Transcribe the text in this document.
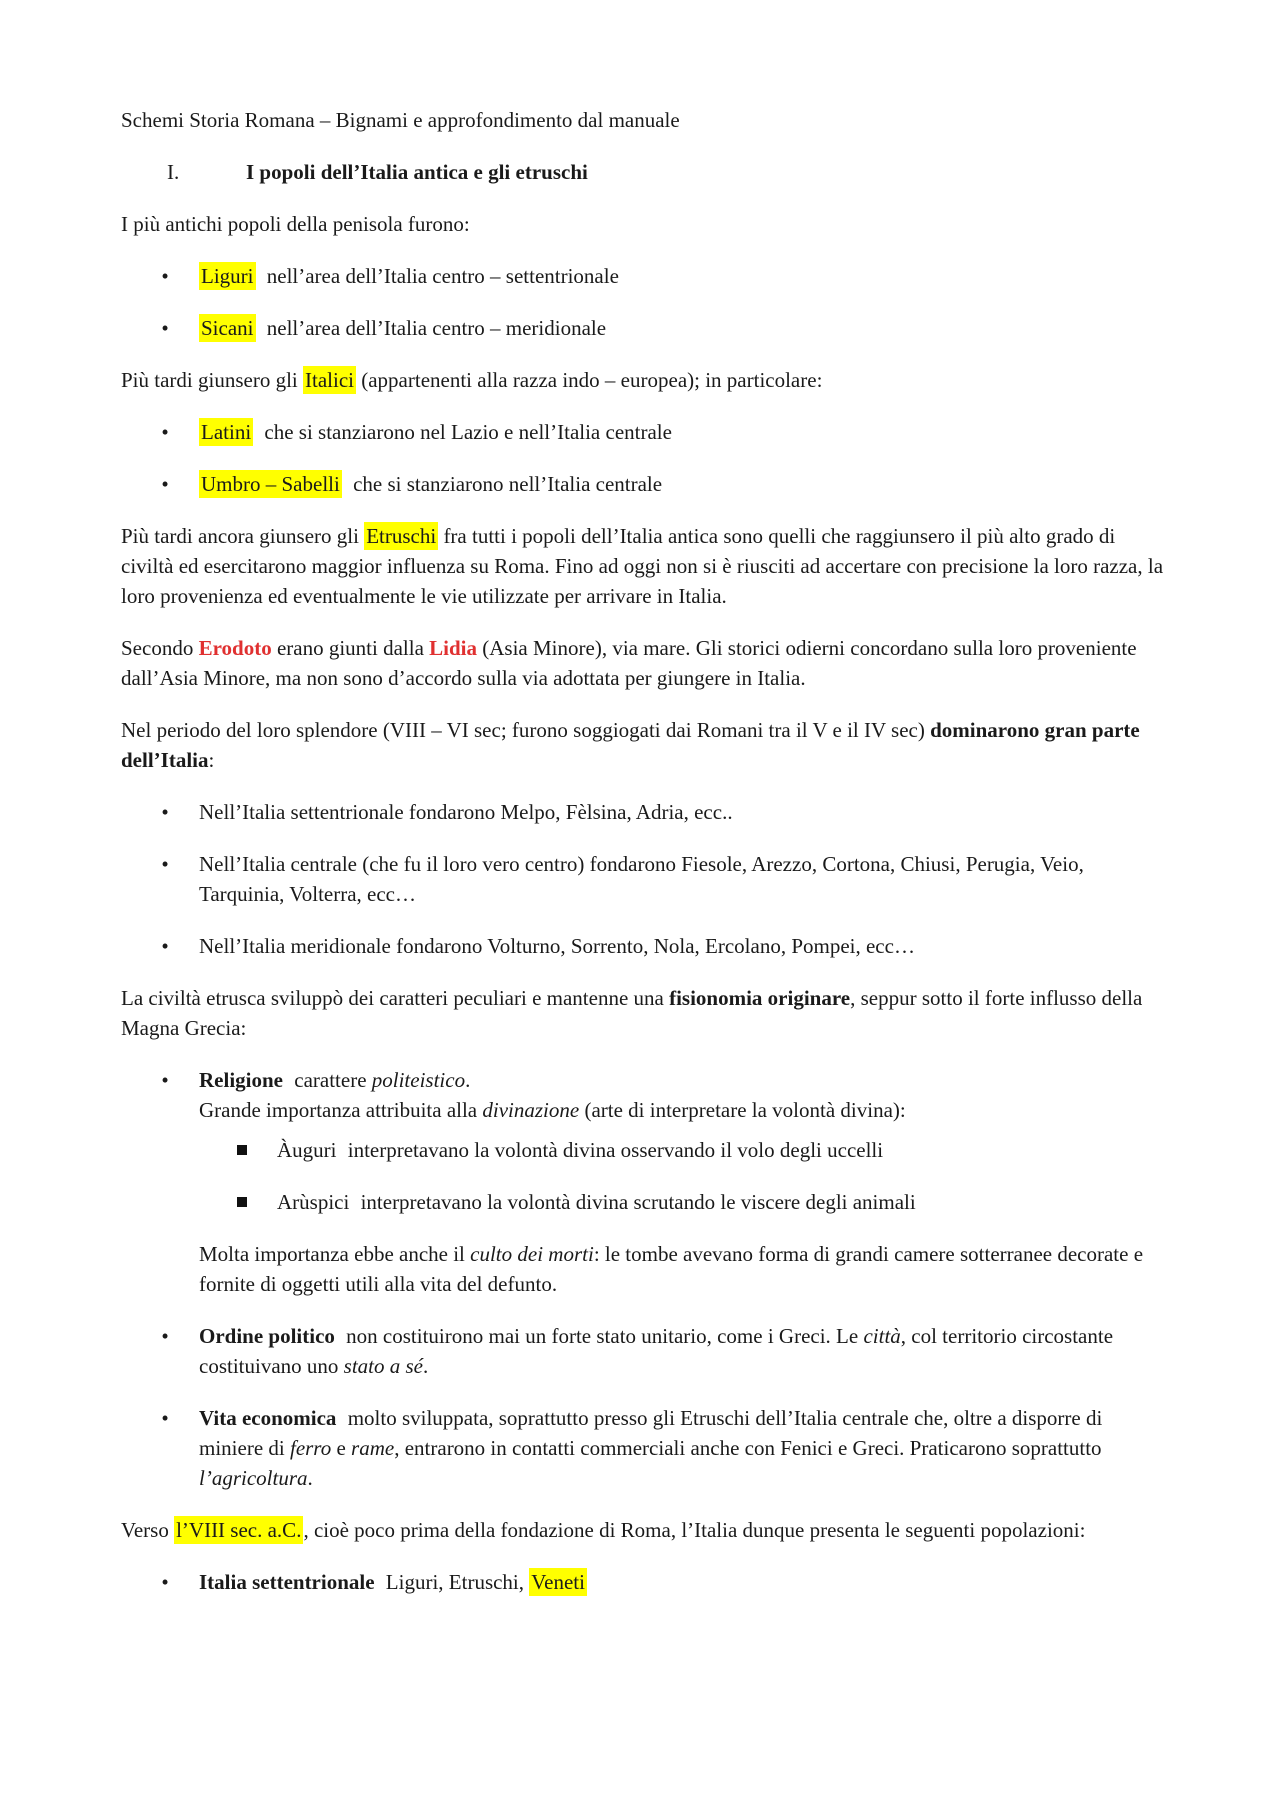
Schemi Storia Romana – Bignami e approfondimento dal manuale

I.	I popoli dell’Italia antica e gli etruschi

I più antichi popoli della penisola furono:

• Liguri nell’area dell’Italia centro – settentrionale
• Sicani nell’area dell’Italia centro – meridionale

Più tardi giunsero gli Italici (appartenenti alla razza indo – europea); in particolare:

• Latini che si stanziarono nel Lazio e nell’Italia centrale
• Umbro – Sabelli che si stanziarono nell’Italia centrale

Più tardi ancora giunsero gli Etruschi fra tutti i popoli dell’Italia antica sono quelli che raggiunsero il più alto grado di civiltà ed esercitarono maggior influenza su Roma. Fino ad oggi non si è riusciti ad accertare con precisione la loro razza, la loro provenienza ed eventualmente le vie utilizzate per arrivare in Italia.

Secondo Erodoto erano giunti dalla Lidia (Asia Minore), via mare. Gli storici odierni concordano sulla loro proveniente dall’Asia Minore, ma non sono d’accordo sulla via adottata per giungere in Italia.

Nel periodo del loro splendore (VIII – VI sec; furono soggiogati dai Romani tra il V e il IV sec) dominarono gran parte dell’Italia:

• Nell’Italia settentrionale fondarono Melpo, Fèlsina, Adria, ecc..
• Nell’Italia centrale (che fu il loro vero centro) fondarono Fiesole, Arezzo, Cortona, Chiusi, Perugia, Veio, Tarquinia, Volterra, ecc…
• Nell’Italia meridionale fondarono Volturno, Sorrento, Nola, Ercolano, Pompei, ecc…

La civiltà etrusca sviluppò dei caratteri peculiari e mantenne una fisionomia originare, seppur sotto il forte influsso della Magna Grecia:

• Religione carattere politeistico.
Grande importanza attribuita alla divinazione (arte di interpretare la volontà divina):
Àuguri interpretavano la volontà divina osservando il volo degli uccelli
Arùspici interpretavano la volontà divina scrutando le viscere degli animali

Molta importanza ebbe anche il culto dei morti: le tombe avevano forma di grandi camere sotterranee decorate e fornite di oggetti utili alla vita del defunto.

• Ordine politico non costituirono mai un forte stato unitario, come i Greci. Le città, col territorio circostante costituivano uno stato a sé.
• Vita economica molto sviluppata, soprattutto presso gli Etruschi dell’Italia centrale che, oltre a disporre di miniere di ferro e rame, entrarono in contatti commerciali anche con Fenici e Greci. Praticarono soprattutto l’agricoltura.

Verso l’VIII sec. a.C., cioè poco prima della fondazione di Roma, l’Italia dunque presenta le seguenti popolazioni:

• Italia settentrionale Liguri, Etruschi, Veneti
